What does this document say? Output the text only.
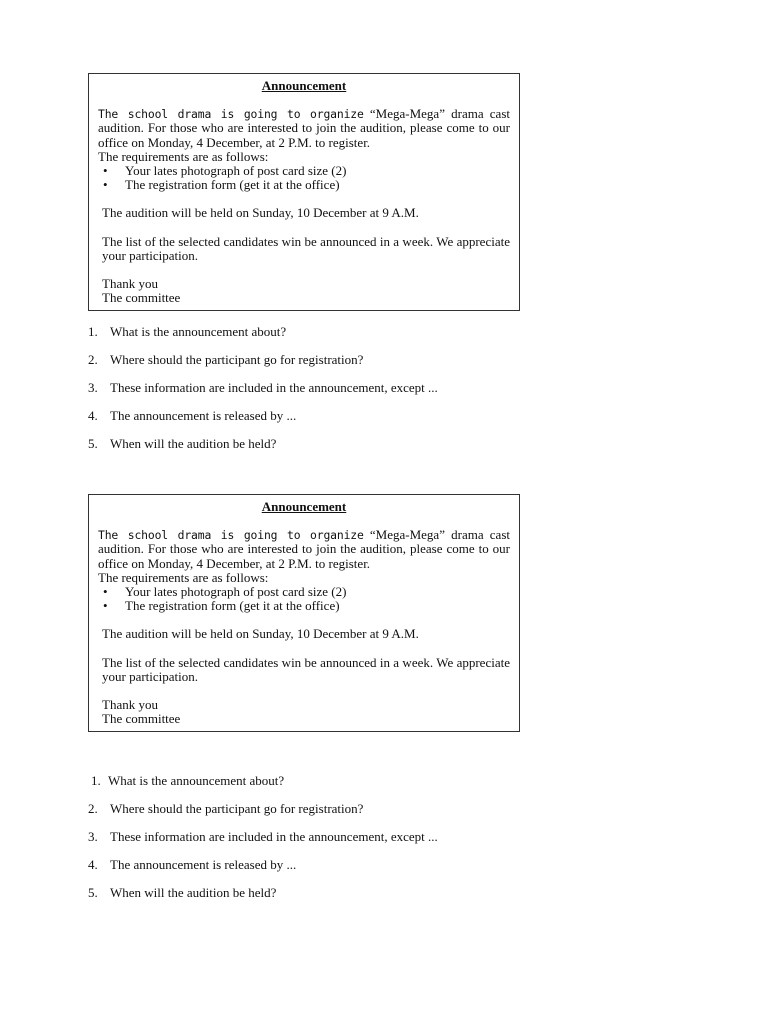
Announcement
The school drama is going to organize “Mega-Mega” drama cast audition. For those who are interested to join the audition, please come to our office on Monday, 4 December, at 2 P.M. to register.
The requirements are as follows:
• Your lates photograph of post card size (2)
• The registration form (get it at the office)
The audition will be held on Sunday, 10 December at 9 A.M.
The list of the selected candidates win be announced in a week. We appreciate your participation.
Thank you
The committee
1. What is the announcement about?
2. Where should the participant go for registration?
3. These information are included in the announcement, except ...
4. The announcement is released by ...
5. When will the audition be held?
Announcement
The school drama is going to organize “Mega-Mega” drama cast audition. For those who are interested to join the audition, please come to our office on Monday, 4 December, at 2 P.M. to register.
The requirements are as follows:
• Your lates photograph of post card size (2)
• The registration form (get it at the office)
The audition will be held on Sunday, 10 December at 9 A.M.
The list of the selected candidates win be announced in a week. We appreciate your participation.
Thank you
The committee
1. What is the announcement about?
2. Where should the participant go for registration?
3. These information are included in the announcement, except ...
4. The announcement is released by ...
5. When will the audition be held?
